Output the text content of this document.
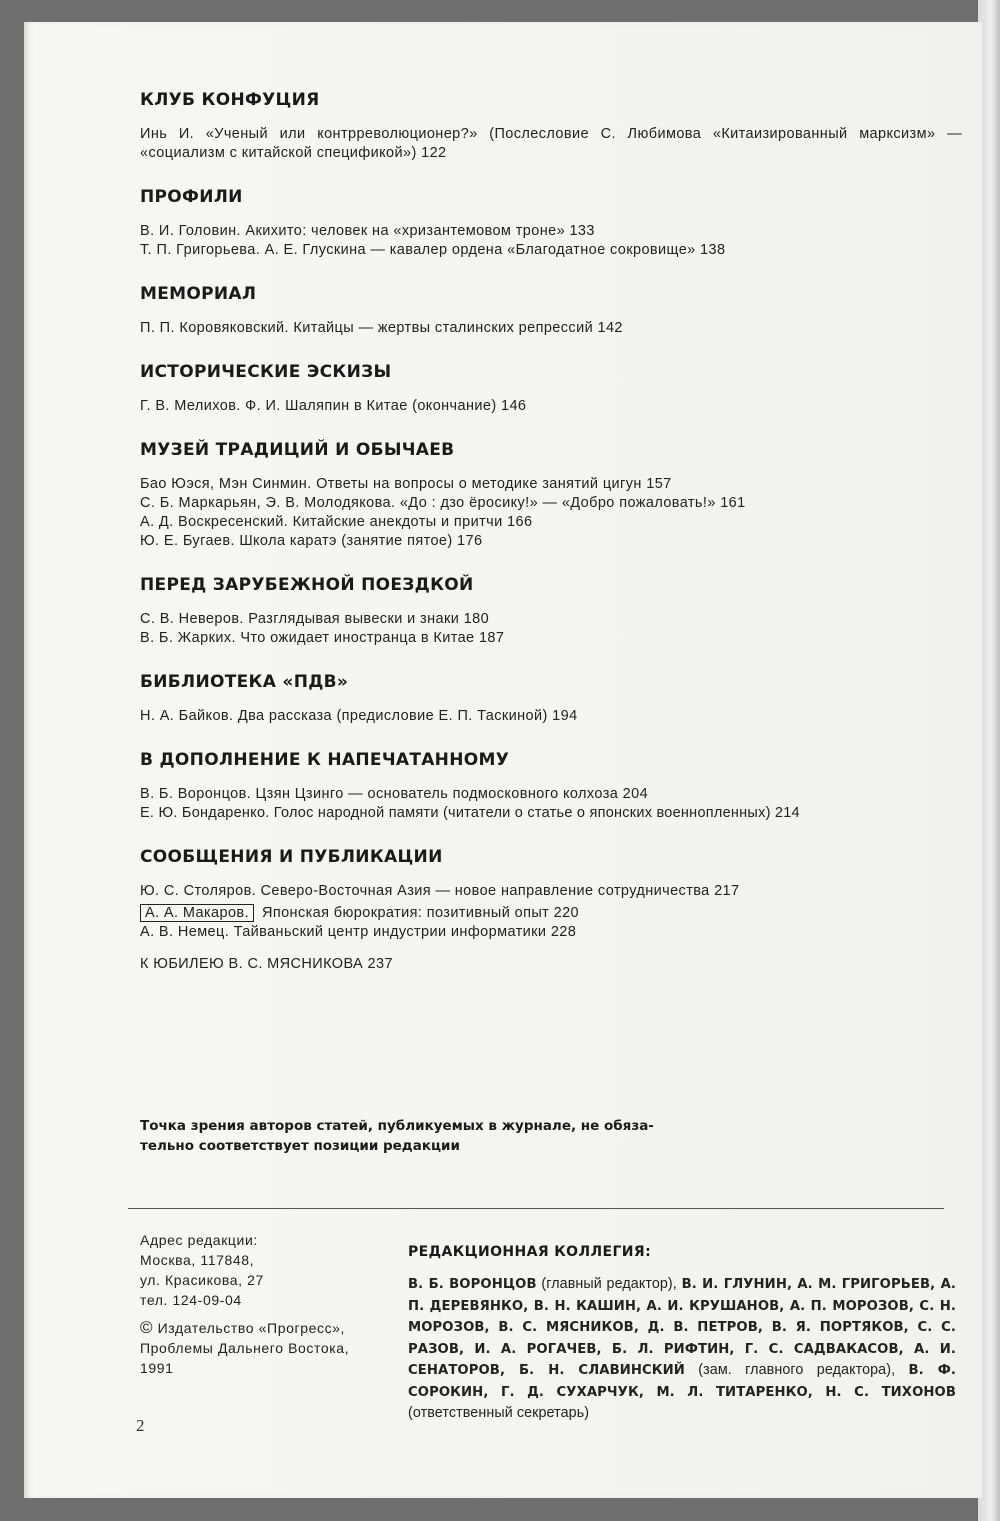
КЛУБ КОНФУЦИЯ

Инь И. «Ученый или контрреволюционер?» (Послесловие С. Любимова «Китаизированный марксизм» — «социализм с китайской спецификой») 122

ПРОФИЛИ

В. И. Головин. Акихито: человек на «хризантемовом троне» 133

Т. П. Григорьева. А. Е. Глускина — кавалер ордена «Благодатное сокровище» 138

МЕМОРИАЛ

П. П. Коровяковский. Китайцы — жертвы сталинских репрессий 142

ИСТОРИЧЕСКИЕ ЭСКИЗЫ

Г. В. Мелихов. Ф. И. Шаляпин в Китае (окончание) 146

МУЗЕЙ ТРАДИЦИЙ И ОБЫЧАЕВ

Бао Юэся, Мэн Синмин. Ответы на вопросы о методике занятий цигун 157

С. Б. Маркарьян, Э. В. Молодякова. «До : дзо ёросику!» — «Добро пожаловать!» 161

А. Д. Воскресенский. Китайские анекдоты и притчи 166

Ю. Е. Бугаев. Школа каратэ (занятие пятое) 176

ПЕРЕД ЗАРУБЕЖНОЙ ПОЕЗДКОЙ

С. В. Неверов. Разглядывая вывески и знаки 180

В. Б. Жарких. Что ожидает иностранца в Китае 187

БИБЛИОТЕКА «ПДВ»

Н. А. Байков. Два рассказа (предисловие Е. П. Таскиной) 194

В ДОПОЛНЕНИЕ К НАПЕЧАТАННОМУ

В. Б. Воронцов. Цзян Цзинго — основатель подмосковного колхоза 204

Е. Ю. Бондаренко. Голос народной памяти (читатели о статье о японских военнопленных) 214

СООБЩЕНИЯ И ПУБЛИКАЦИИ

Ю. С. Столяров. Северо-Восточная Азия — новое направление сотрудничества 217

А. А. Макаров. Японская бюрократия: позитивный опыт 220

А. В. Немец. Тайваньский центр индустрии информатики 228

К ЮБИЛЕЮ В. С. МЯСНИКОВА 237

Точка зрения авторов статей, публикуемых в журнале, не обяза-
тельно соответствует позиции редакции
Адрес редакции:
Москва, 117848,
ул. Красикова, 27
тел. 124-09-04
© Издательство «Прогресс»,
Проблемы Дальнего Востока,
1991
2
РЕДАКЦИОННАЯ КОЛЛЕГИЯ:

В. Б. ВОРОНЦОВ (главный редактор), В. И. ГЛУНИН, А. М. ГРИГОРЬЕВ, А. П. ДЕРЕВЯНКО, В. Н. КАШИН, А. И. КРУШАНОВ, А. П. МОРОЗОВ, С. Н. МОРОЗОВ, В. С. МЯСНИКОВ, Д. В. ПЕТРОВ, В. Я. ПОРТЯКОВ, С. С. РАЗОВ, И. А. РОГАЧЕВ, Б. Л. РИФТИН, Г. С. САДВАКАСОВ, А. И. СЕНАТОРОВ, Б. Н. СЛАВИНСКИЙ (зам. главного редактора), В. Ф. СОРОКИН, Г. Д. СУХАРЧУК, М. Л. ТИТАРЕНКО, Н. С. ТИХОНОВ (ответственный секретарь)
